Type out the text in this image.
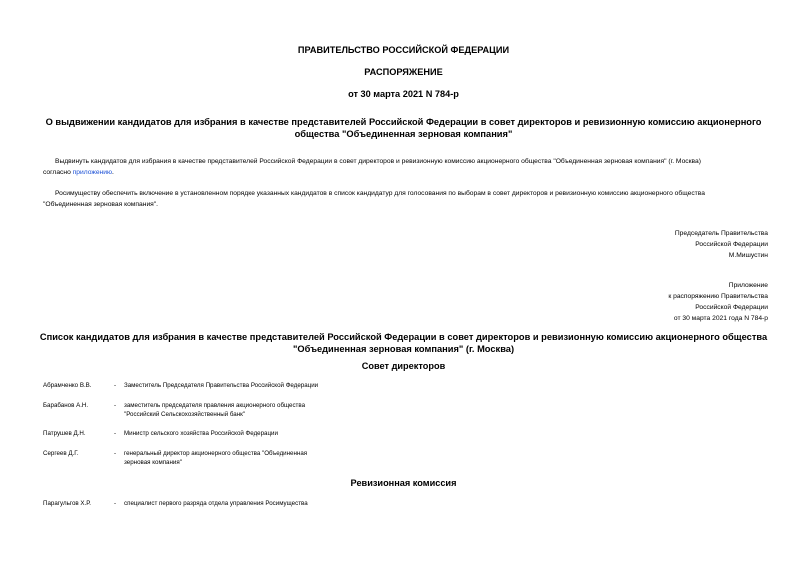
ПРАВИТЕЛЬСТВО РОССИЙСКОЙ ФЕДЕРАЦИИ
РАСПОРЯЖЕНИЕ
от 30 марта 2021 N 784-р
О выдвижении кандидатов для избрания в качестве представителей Российской Федерации в совет директоров и ревизионную комиссию акционерного
общества "Объединенная зерновая компания"
Выдвинуть кандидатов для избрания в качестве представителей Российской Федерации в совет директоров и ревизионную комиссию акционерного общества "Объединенная зерновая компания" (г. Москва)
согласно приложению.
Росимуществу обеспечить включение в установленном порядке указанных кандидатов в список кандидатур для голосования по выборам в совет директоров и ревизионную комиссию акционерного общества
"Объединенная зерновая компания".
Председатель Правительства
Российской Федерации
М.Мишустин
Приложение
к распоряжению Правительства
Российской Федерации
от 30 марта 2021 года N 784-р
Список кандидатов для избрания в качестве представителей Российской Федерации в совет директоров и ревизионную комиссию акционерного общества
"Объединенная зерновая компания" (г. Москва)
Совет директоров
Абрамченко В.В.	- Заместитель Председателя Правительства Российской Федерации
Барабанов А.Н.	- заместитель председателя правления акционерного общества "Российский Сельскохозяйственный банк"
Патрушев Д.Н.	- Министр сельского хозяйства Российской Федерации
Сергеев Д.Г.	- генеральный директор акционерного общества "Объединенная зерновая компания"
Ревизионная комиссия
Парагульгов Х.Р.	- специалист первого разряда отдела управления Росимущества
